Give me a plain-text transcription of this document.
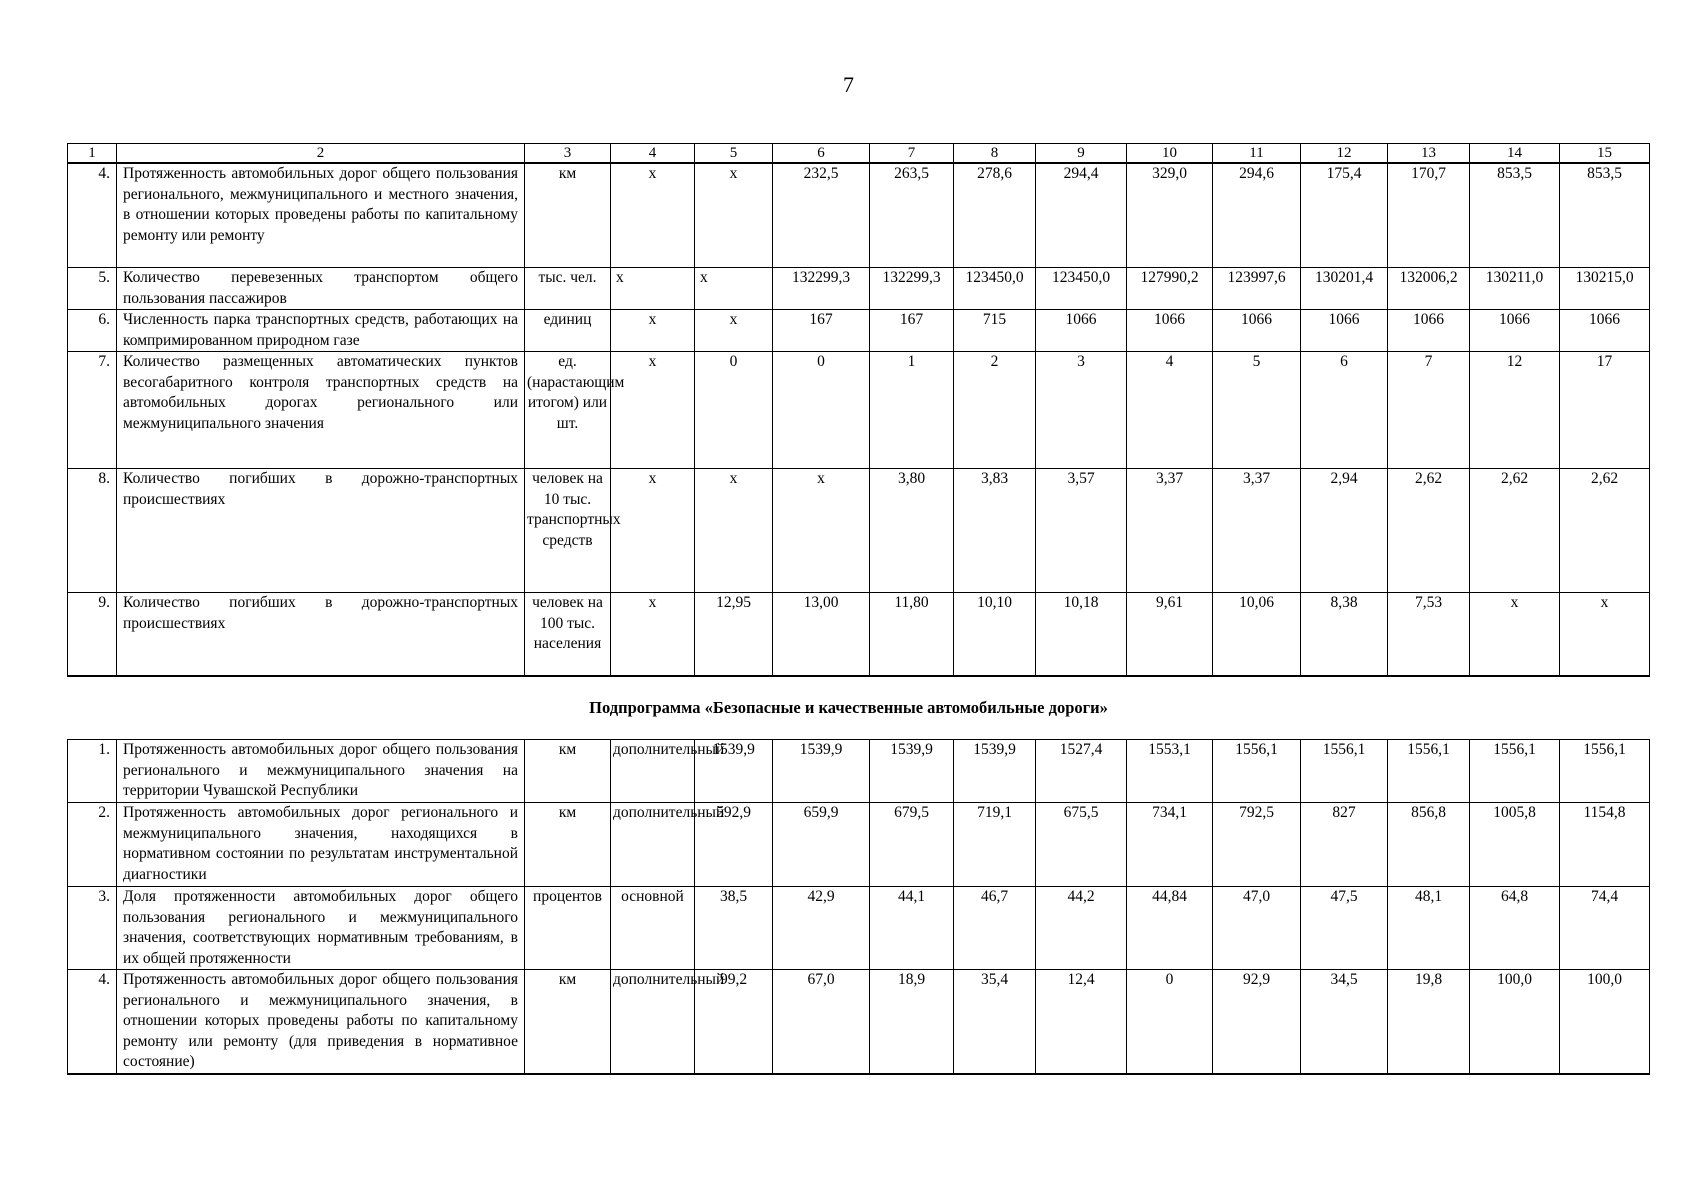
7
1	2	3	4	5	6	7	8	9	10	11	12	13	14	15
4.	Протяженность автомобильных дорог общего пользования регионального, межмуниципального и местного значения, в отношении которых проведены работы по капитальному ремонту или ремонту	км	х	х	232,5	263,5	278,6	294,4	329,0	294,6	175,4	170,7	853,5	853,5
5.	Количество перевезенных транспортом общего пользования пассажиров	тыс. чел.	х	х	132299,3	132299,3	123450,0	123450,0	127990,2	123997,6	130201,4	132006,2	130211,0	130215,0
6.	Численность парка транспортных средств, работающих на компримированном природном газе	единиц	х	х	167	167	715	1066	1066	1066	1066	1066	1066	1066
7.	Количество размещенных автоматических пунктов весогабаритного контроля транспортных средств на автомобильных дорогах регионального или межмуниципального значения	ед. (нарастающим итогом) или шт.	х	0	0	1	2	3	4	5	6	7	12	17
8.	Количество погибших в дорожно-транспортных происшествиях	человек на 10 тыс. транспортных средств	х	х	х	3,80	3,83	3,57	3,37	3,37	2,94	2,62	2,62	2,62
9.	Количество погибших в дорожно-транспортных происшествиях	человек на 100 тыс. населения	х	12,95	13,00	11,80	10,10	10,18	9,61	10,06	8,38	7,53	х	х
Подпрограмма «Безопасные и качественные автомобильные дороги»
1.	Протяженность автомобильных дорог общего пользования регионального и межмуниципального значения на территории Чувашской Республики	км	дополнительный	1539,9	1539,9	1539,9	1539,9	1527,4	1553,1	1556,1	1556,1	1556,1	1556,1	1556,1
2.	Протяженность автомобильных дорог регионального и межмуниципального значения, находящихся в нормативном состоянии по результатам инструментальной диагностики	км	дополнительный	592,9	659,9	679,5	719,1	675,5	734,1	792,5	827	856,8	1005,8	1154,8
3.	Доля протяженности автомобильных дорог общего пользования регионального и межмуниципального значения, соответствующих нормативным требованиям, в их общей протяженности	процентов	основной	38,5	42,9	44,1	46,7	44,2	44,84	47,0	47,5	48,1	64,8	74,4
4.	Протяженность автомобильных дорог общего пользования регионального и межмуниципального значения, в отношении которых проведены работы по капитальному ремонту или ремонту (для приведения в нормативное состояние)	км	дополнительный	99,2	67,0	18,9	35,4	12,4	0	92,9	34,5	19,8	100,0	100,0
